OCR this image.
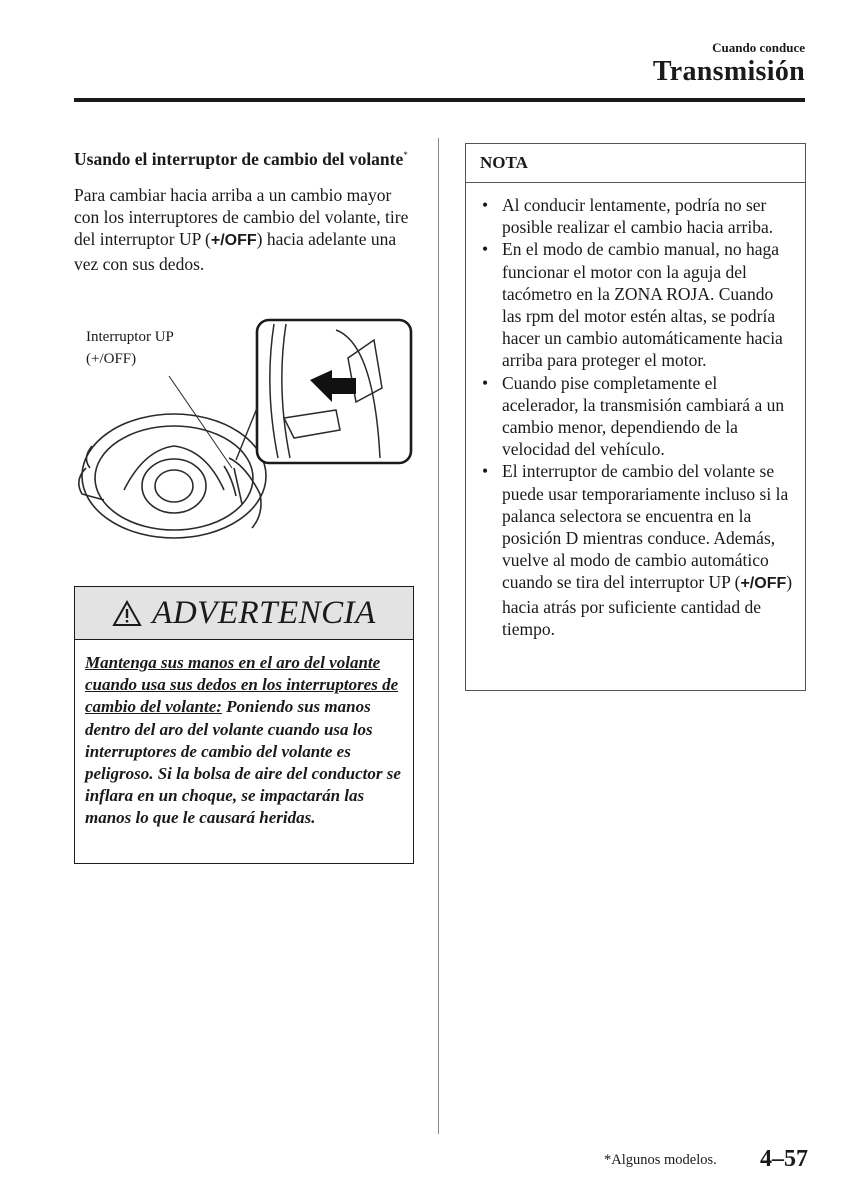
Cuando conduce
Transmisión

Usando el interruptor de cambio del volante*

Para cambiar hacia arriba a un cambio mayor con los interruptores de cambio del volante, tire del interruptor UP (+/OFF) hacia adelante una vez con sus dedos.

Interruptor UP
(+/OFF)
ADVERTENCIA
Mantenga sus manos en el aro del volante cuando usa sus dedos en los interruptores de cambio del volante: Poniendo sus manos dentro del aro del volante cuando usa los interruptores de cambio del volante es peligroso. Si la bolsa de aire del conductor se inflara en un choque, se impactarán las manos lo que le causará heridas.
NOTA
• Al conducir lentamente, podría no ser posible realizar el cambio hacia arriba.
• En el modo de cambio manual, no haga funcionar el motor con la aguja del tacómetro en la ZONA ROJA. Cuando las rpm del motor estén altas, se podría hacer un cambio automáticamente hacia arriba para proteger el motor.
• Cuando pise completamente el acelerador, la transmisión cambiará a un cambio menor, dependiendo de la velocidad del vehículo.
• El interruptor de cambio del volante se puede usar temporariamente incluso si la palanca selectora se encuentra en la posición D mientras conduce. Además, vuelve al modo de cambio automático cuando se tira del interruptor UP (+/OFF) hacia atrás por suficiente cantidad de tiempo.
*Algunos modelos. 4–57
